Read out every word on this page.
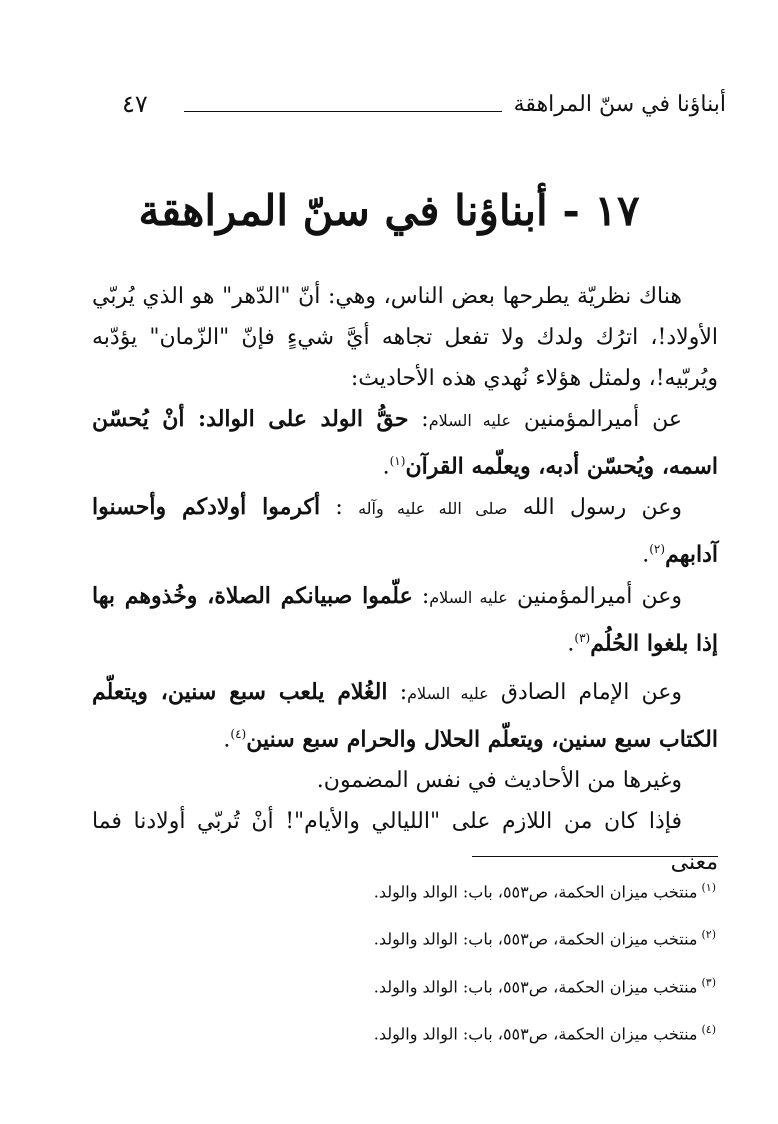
أبناؤنا في سنّ المراهقة
٤٧
١٧ - أبناؤنا في سنّ المراهقة

هناك نظريّة يطرحها بعض الناس، وهي: أنّ "الدّهر" هو الذي يُربّي الأولاد!، اترُك ولدك ولا تفعل تجاهه أيَّ شيءٍ فإنّ "الزّمان" يؤدّبه ويُربّيه!، ولمثل هؤلاء نُهدي هذه الأحاديث:

عن أميرالمؤمنين عليه السلام: حقُّ الولد على الوالد: أنْ يُحسّن اسمه، ويُحسّن أدبه، ويعلّمه القرآن$^{(١)}$.

وعن رسول الله صلى الله عليه وآله : أكرموا أولادكم وأحسنوا آدابهم$^{(٢)}$.

وعن أميرالمؤمنين عليه السلام: علّموا صبيانكم الصلاة، وخُذوهم بها إذا بلغوا الحُلُم$^{(٣)}$.

وعن الإمام الصادق عليه السلام: الغُلام يلعب سبع سنين، ويتعلّم الكتاب سبع سنين، ويتعلّم الحلال والحرام سبع سنين$^{(٤)}$.

وغيرها من الأحاديث في نفس المضمون.

فإذا كان من اللازم على "الليالي والأيام"! أنْ تُربّي أولادنا فما معنى

$^{(١)}$منتخب ميزان الحكمة، ص٥٥٣، باب: الوالد والولد.
$^{(٢)}$منتخب ميزان الحكمة، ص٥٥٣، باب: الوالد والولد.
$^{(٣)}$منتخب ميزان الحكمة، ص٥٥٣، باب: الوالد والولد.
$^{(٤)}$منتخب ميزان الحكمة، ص٥٥٣، باب: الوالد والولد.
